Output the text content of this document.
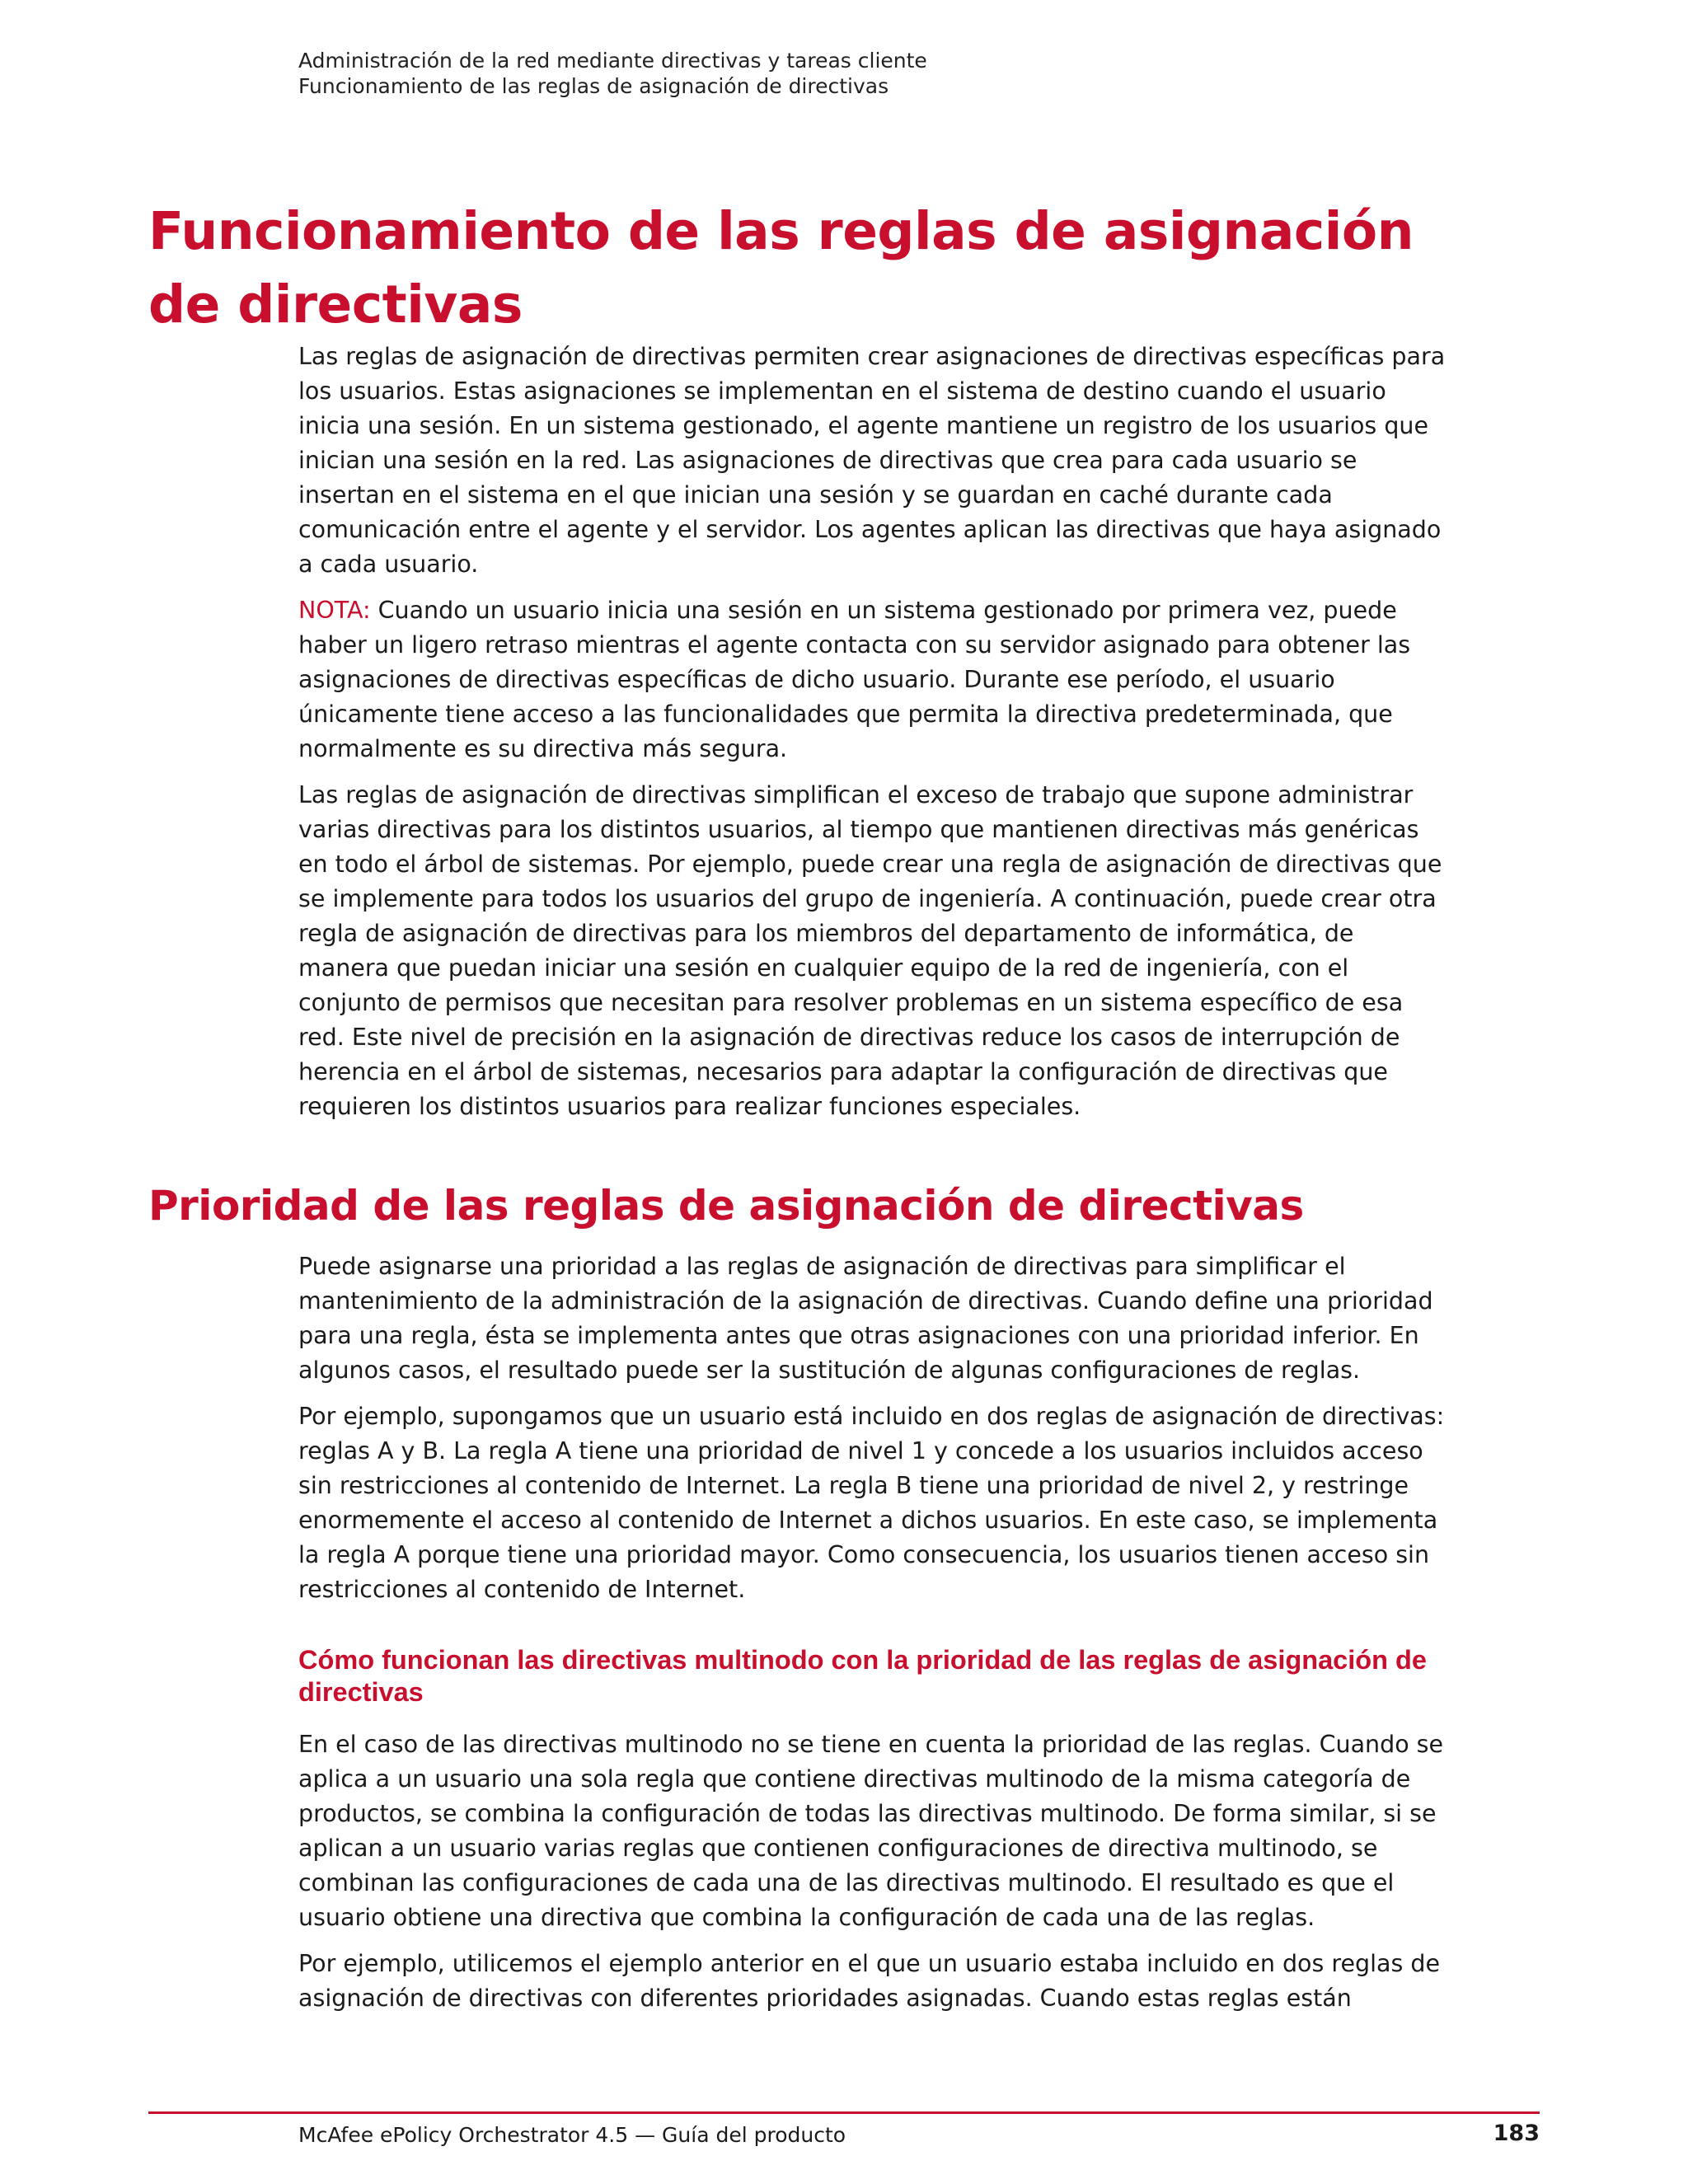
Administración de la red mediante directivas y tareas cliente
Funcionamiento de las reglas de asignación de directivas
Funcionamiento de las reglas de asignación de directivas

Las reglas de asignación de directivas permiten crear asignaciones de directivas específicas para los usuarios. Estas asignaciones se implementan en el sistema de destino cuando el usuario inicia una sesión. En un sistema gestionado, el agente mantiene un registro de los usuarios que inician una sesión en la red. Las asignaciones de directivas que crea para cada usuario se insertan en el sistema en el que inician una sesión y se guardan en caché durante cada comunicación entre el agente y el servidor. Los agentes aplican las directivas que haya asignado a cada usuario.

NOTA: Cuando un usuario inicia una sesión en un sistema gestionado por primera vez, puede haber un ligero retraso mientras el agente contacta con su servidor asignado para obtener las asignaciones de directivas específicas de dicho usuario. Durante ese período, el usuario únicamente tiene acceso a las funcionalidades que permita la directiva predeterminada, que normalmente es su directiva más segura.

Las reglas de asignación de directivas simplifican el exceso de trabajo que supone administrar varias directivas para los distintos usuarios, al tiempo que mantienen directivas más genéricas en todo el árbol de sistemas. Por ejemplo, puede crear una regla de asignación de directivas que se implemente para todos los usuarios del grupo de ingeniería. A continuación, puede crear otra regla de asignación de directivas para los miembros del departamento de informática, de manera que puedan iniciar una sesión en cualquier equipo de la red de ingeniería, con el conjunto de permisos que necesitan para resolver problemas en un sistema específico de esa red. Este nivel de precisión en la asignación de directivas reduce los casos de interrupción de herencia en el árbol de sistemas, necesarios para adaptar la configuración de directivas que requieren los distintos usuarios para realizar funciones especiales.

Prioridad de las reglas de asignación de directivas

Puede asignarse una prioridad a las reglas de asignación de directivas para simplificar el mantenimiento de la administración de la asignación de directivas. Cuando define una prioridad para una regla, ésta se implementa antes que otras asignaciones con una prioridad inferior. En algunos casos, el resultado puede ser la sustitución de algunas configuraciones de reglas.

Por ejemplo, supongamos que un usuario está incluido en dos reglas de asignación de directivas: reglas A y B. La regla A tiene una prioridad de nivel 1 y concede a los usuarios incluidos acceso sin restricciones al contenido de Internet. La regla B tiene una prioridad de nivel 2, y restringe enormemente el acceso al contenido de Internet a dichos usuarios. En este caso, se implementa la regla A porque tiene una prioridad mayor. Como consecuencia, los usuarios tienen acceso sin restricciones al contenido de Internet.

Cómo funcionan las directivas multinodo con la prioridad de las reglas de asignación de directivas

En el caso de las directivas multinodo no se tiene en cuenta la prioridad de las reglas. Cuando se aplica a un usuario una sola regla que contiene directivas multinodo de la misma categoría de productos, se combina la configuración de todas las directivas multinodo. De forma similar, si se aplican a un usuario varias reglas que contienen configuraciones de directiva multinodo, se combinan las configuraciones de cada una de las directivas multinodo. El resultado es que el usuario obtiene una directiva que combina la configuración de cada una de las reglas.

Por ejemplo, utilicemos el ejemplo anterior en el que un usuario estaba incluido en dos reglas de asignación de directivas con diferentes prioridades asignadas. Cuando estas reglas están

McAfee ePolicy Orchestrator 4.5 — Guía del producto	183
